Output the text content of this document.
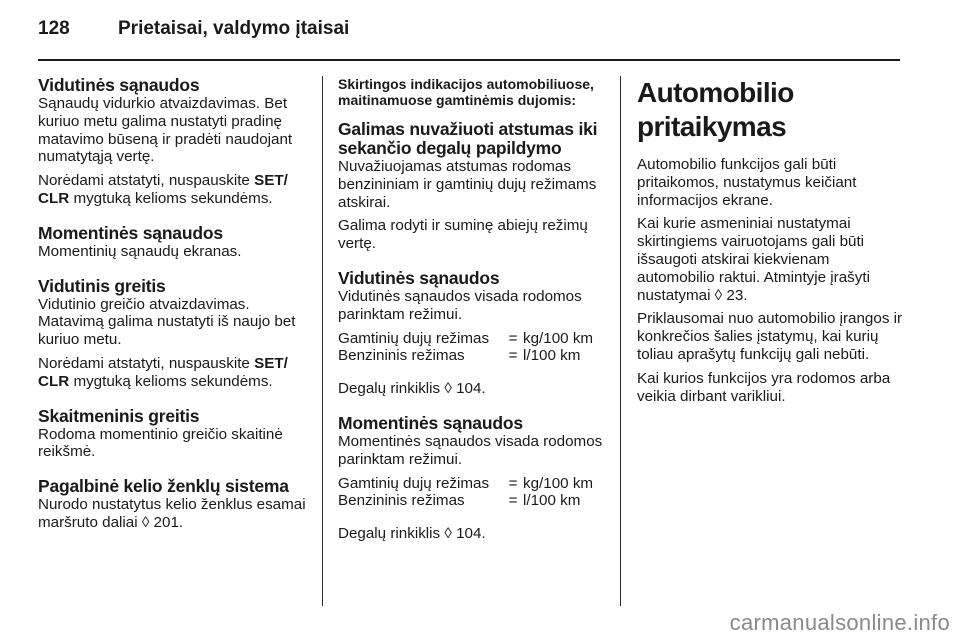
128	Prietaisai, valdymo įtaisai
Vidutinės sąnaudos

Sąnaudų vidurkio atvaizdavimas. Bet kuriuo metu galima nustatyti pradinę matavimo būseną ir pradėti naudojant numatytąją vertę.

Norėdami atstatyti, nuspauskite SET/ CLR mygtuką kelioms sekundėms.

Momentinės sąnaudos

Momentinių sąnaudų ekranas.

Vidutinis greitis

Vidutinio greičio atvaizdavimas. Matavimą galima nustatyti iš naujo bet kuriuo metu.

Norėdami atstatyti, nuspauskite SET/ CLR mygtuką kelioms sekundėms.

Skaitmeninis greitis

Rodoma momentinio greičio skaitinė reikšmė.

Pagalbinė kelio ženklų sistema

Nurodo nustatytus kelio ženklus esamai maršruto daliai ◊ 201.

Skirtingos indikacijos automobiliuose, maitinamuose gamtinėmis dujomis:
Galimas nuvažiuoti atstumas iki sekančio degalų papildymo

Nuvažiuojamas atstumas rodomas benzininiam ir gamtinių dujų režimams atskirai.

Galima rodyti ir suminę abiejų režimų vertę.

Vidutinės sąnaudos

Vidutinės sąnaudos visada rodomos parinktam režimui.

Gamtinių dujų režimas	=	kg/100 km
Benzininis režimas	=	l/100 km

Degalų rinkiklis ◊ 104.

Momentinės sąnaudos

Momentinės sąnaudos visada rodomos parinktam režimui.

Gamtinių dujų režimas	=	kg/100 km
Benzininis režimas	=	l/100 km

Degalų rinkiklis ◊ 104.

Automobilio pritaikymas

Automobilio funkcijos gali būti pritaikomos, nustatymus keičiant informacijos ekrane.

Kai kurie asmeniniai nustatymai skirtingiems vairuotojams gali būti išsaugoti atskirai kiekvienam automobilio raktui. Atmintyje įrašyti nustatymai ◊ 23.

Priklausomai nuo automobilio įrangos ir konkrečios šalies įstatymų, kai kurių toliau aprašytų funkcijų gali nebūti.

Kai kurios funkcijos yra rodomos arba veikia dirbant varikliui.

carmanualsonline.info
